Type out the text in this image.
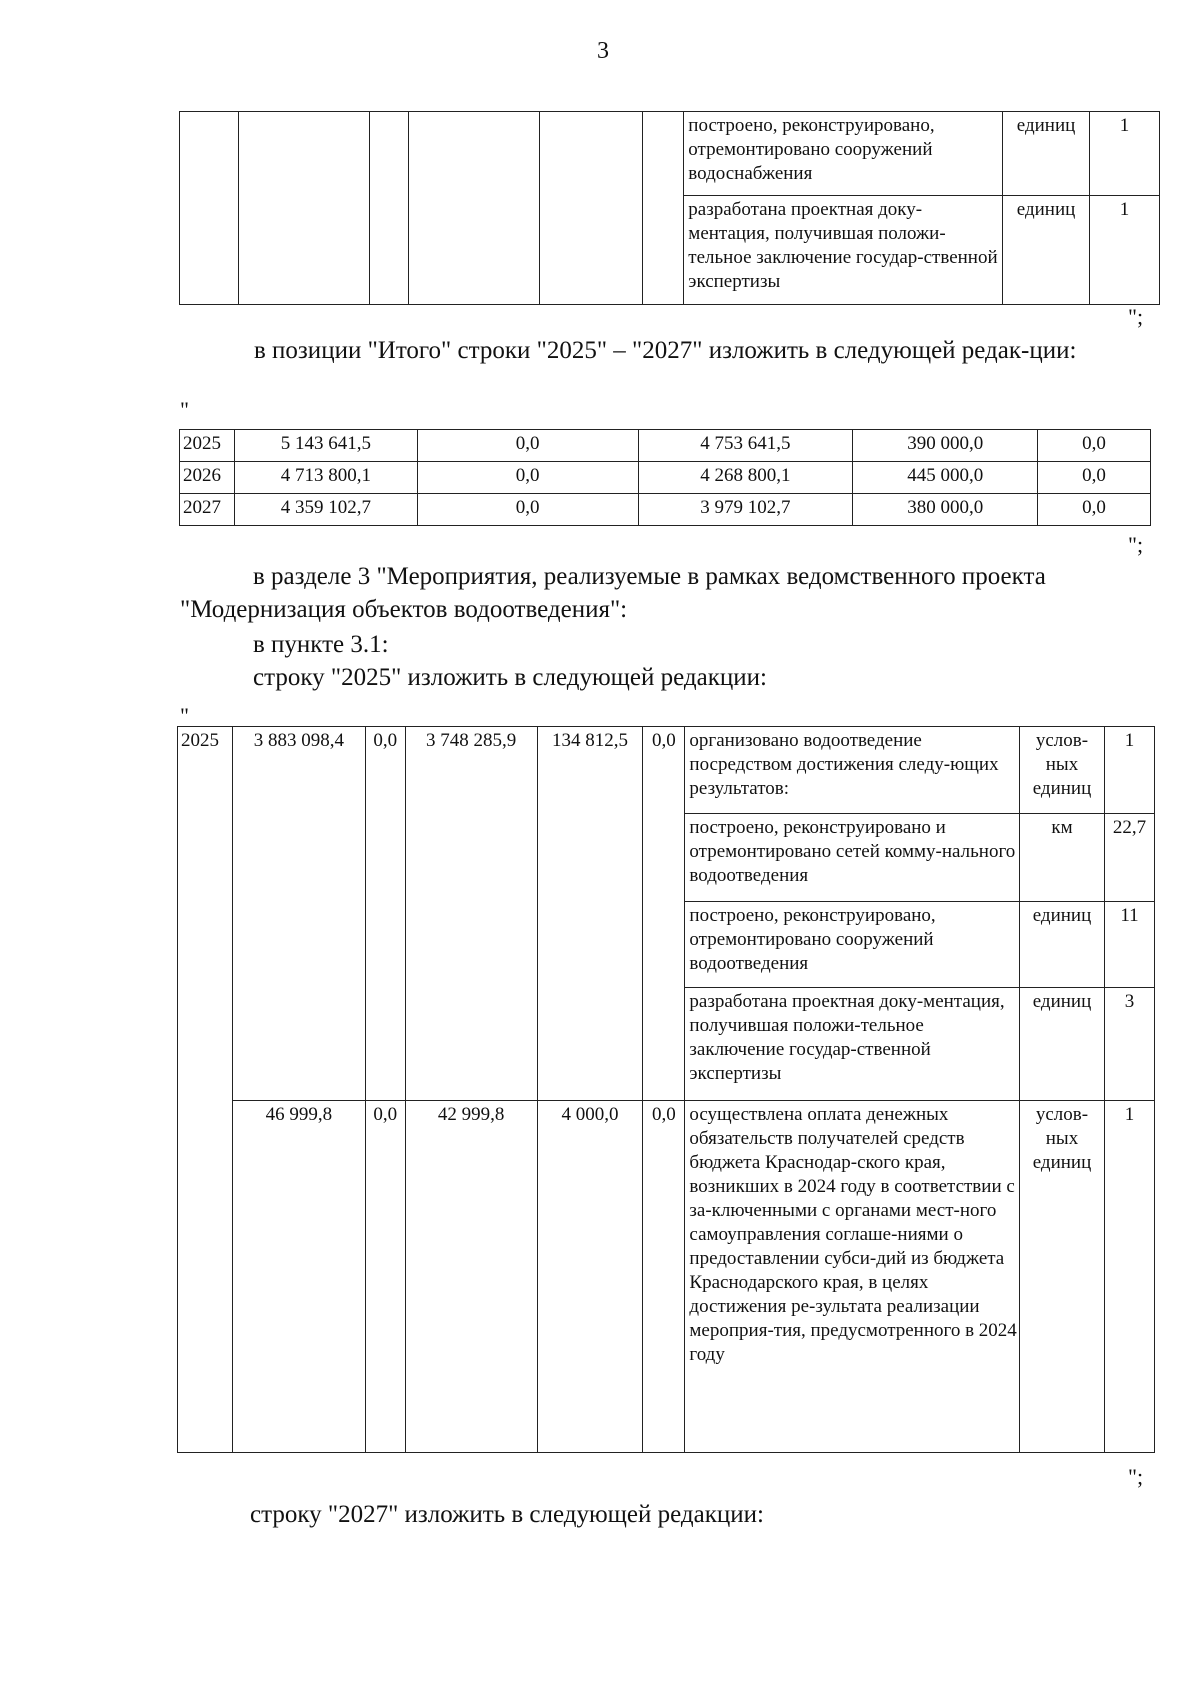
3
						построено, реконструировано, отремонтировано сооружений водоснабжения	единиц	1
						разработана проектная доку-ментация, получившая положи-тельное заключение государ-ственной экспертизы	единиц	1
";
в позиции "Итого" строки "2025" – "2027" изложить в следующей редак-ции:
"
2025	5 143 641,5	0,0	4 753 641,5	390 000,0	0,0
2026	4 713 800,1	0,0	4 268 800,1	445 000,0	0,0
2027	4 359 102,7	0,0	3 979 102,7	380 000,0	0,0
";
в разделе 3 "Мероприятия, реализуемые в рамках ведомственного проекта
"Модернизация объектов водоотведения":
в пункте 3.1:
строку "2025" изложить в следующей редакции:
"
2025	3 883 098,4	0,0	3 748 285,9	134 812,5	0,0	организовано водоотведение посредством достижения следу-ющих результатов:	услов-ных единиц	1
						построено, реконструировано и отремонтировано сетей комму-нального водоотведения	км	22,7
						построено, реконструировано, отремонтировано сооружений водоотведения	единиц	11
						разработана проектная доку-ментация, получившая положи-тельное заключение государ-ственной экспертизы	единиц	3
	46 999,8	0,0	42 999,8	4 000,0	0,0	осуществлена оплата денежных обязательств получателей средств бюджета Краснодар-ского края, возникших в 2024 году в соответствии с за-ключенными с органами мест-ного самоуправления соглаше-ниями о предоставлении субси-дий из бюджета Краснодарского края, в целях достижения ре-зультата реализации мероприя-тия, предусмотренного в 2024 году	услов-ных единиц	1
";
строку "2027" изложить в следующей редакции:
